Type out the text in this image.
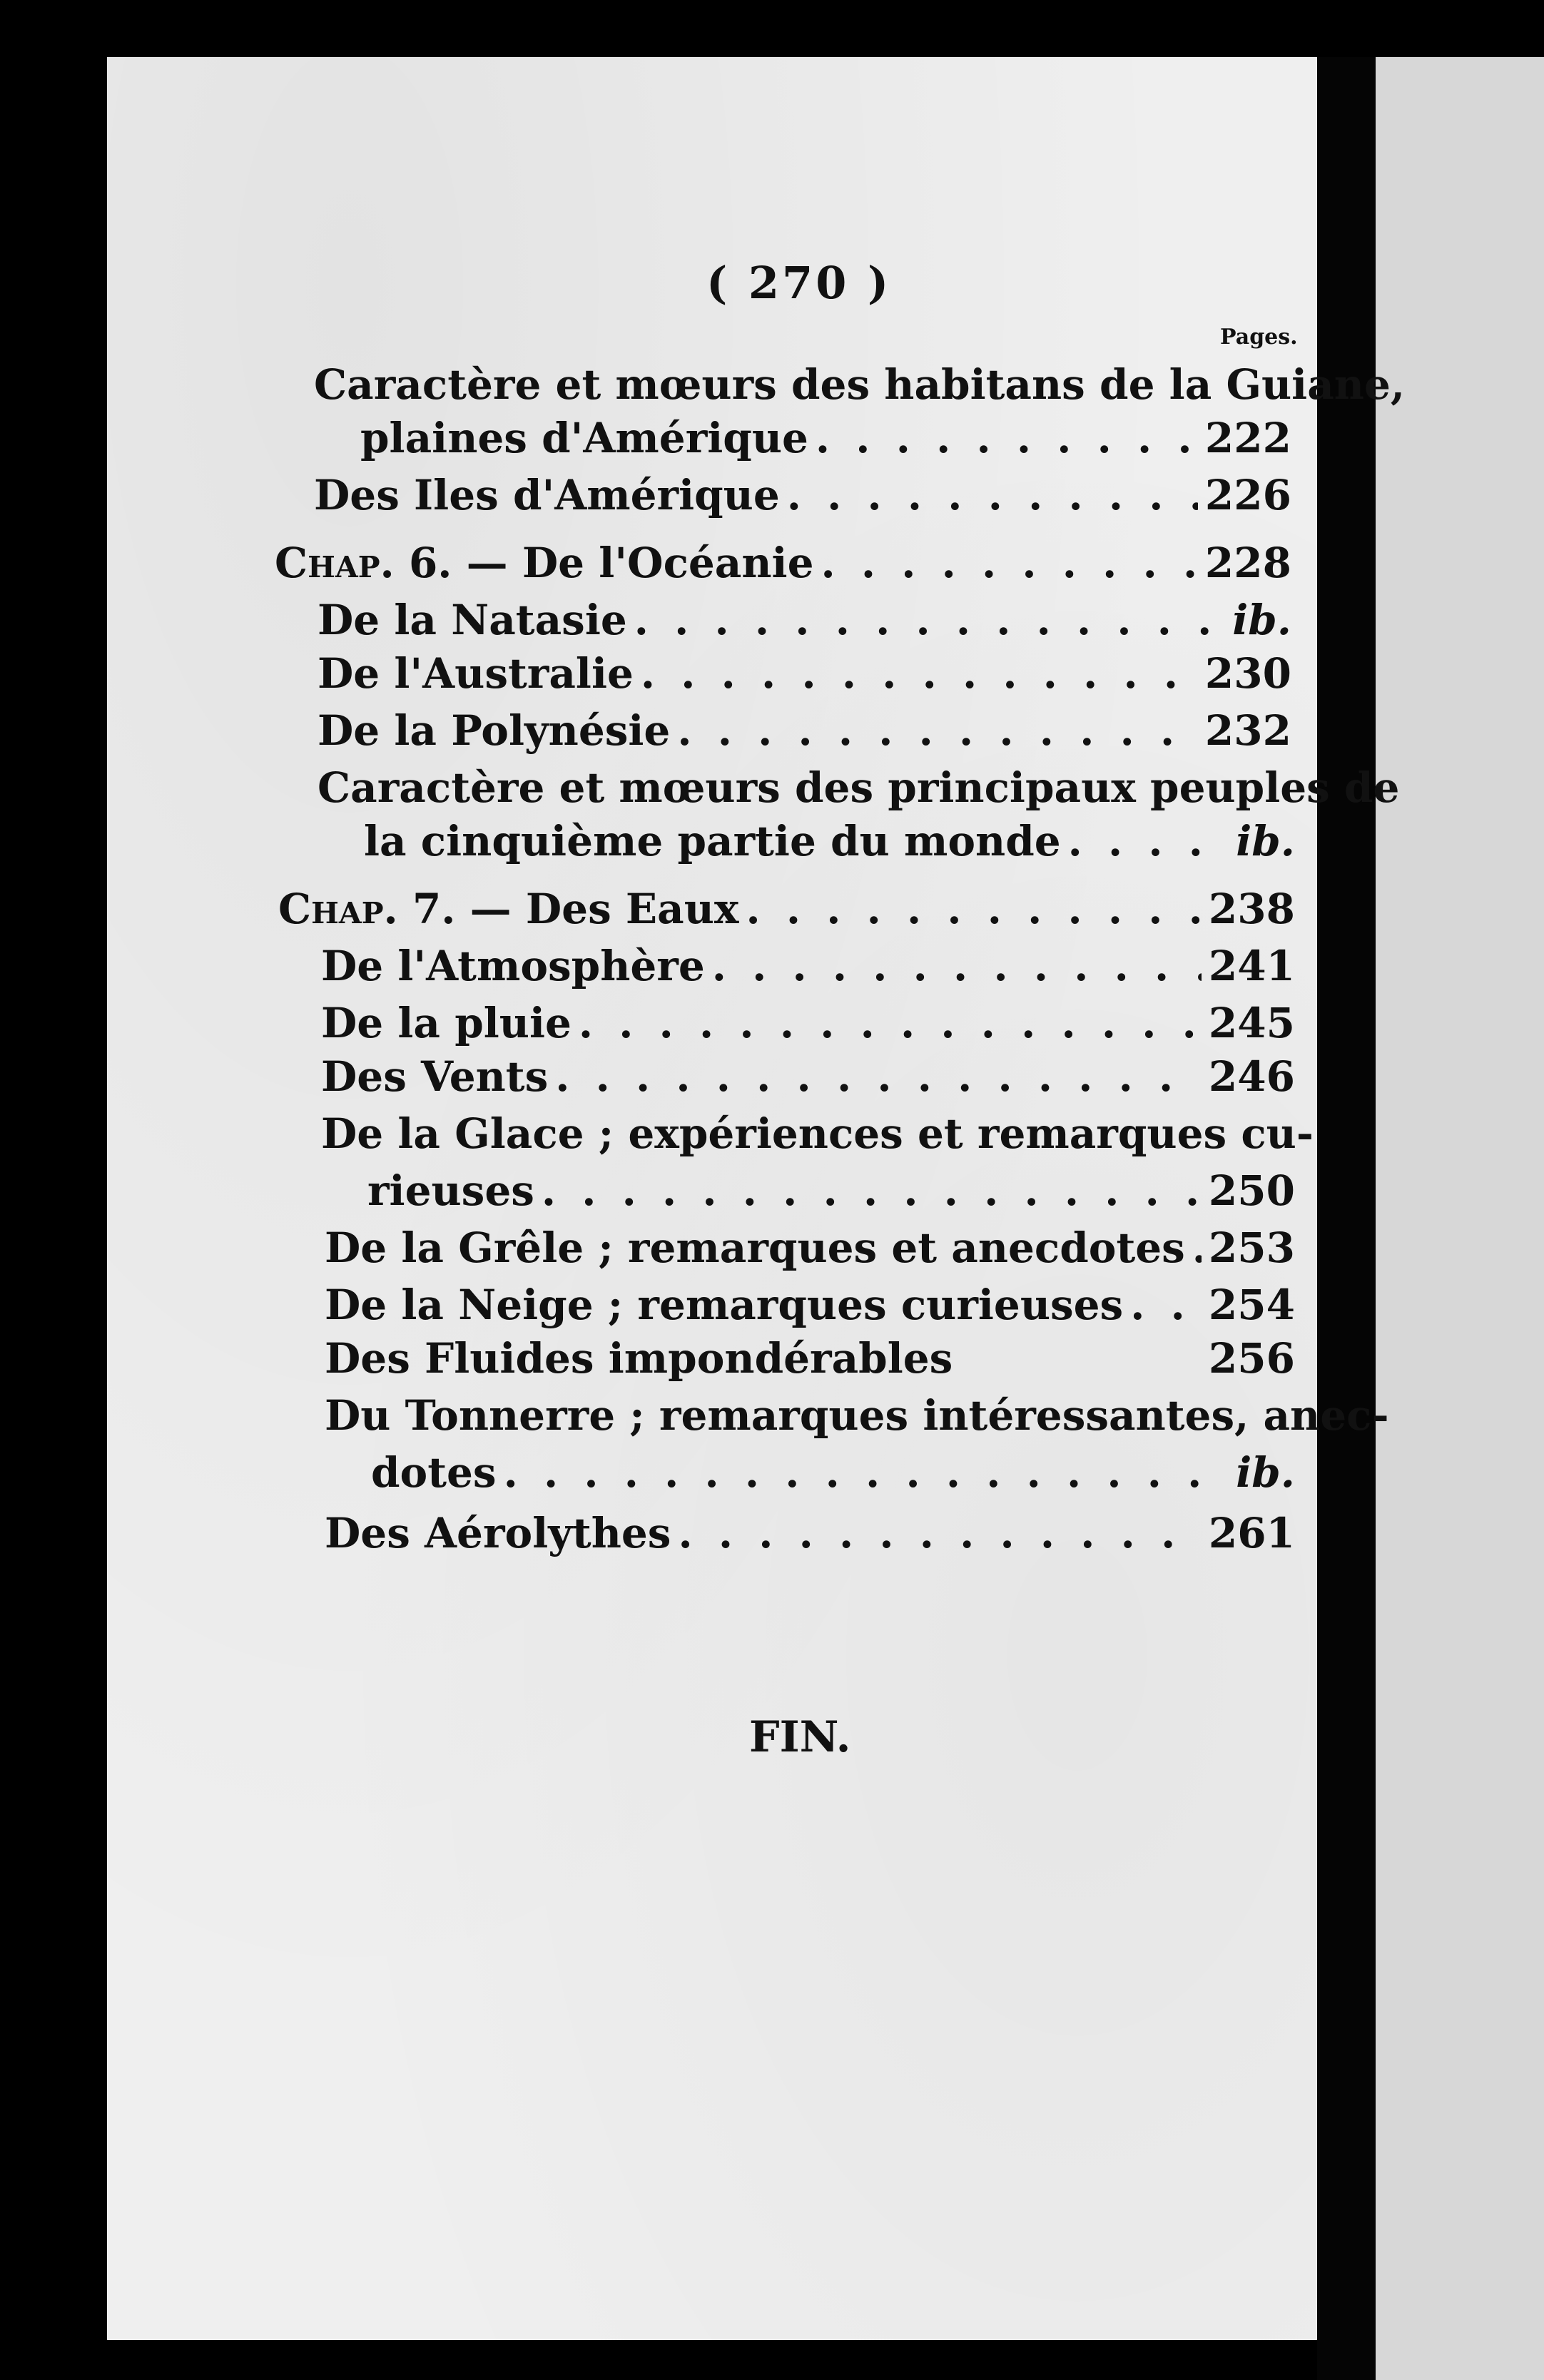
( 270 )
Pages.
Caractère et mœurs des habitans de la Guiane,
plaines d'Amérique . . .	222
Des Iles d'Amérique . . .	226
Chap. 6. — De l'Océanie . . .	228
De la Natasie . . .	ib.
De l'Australie . . .	230
De la Polynésie . . .	232
Caractère et mœurs des principaux peuples de
la cinquième partie du monde . . .	ib.
Chap. 7. — Des Eaux . . .	238
De l'Atmosphère . . .	241
De la pluie . . .	245
Des Vents . . .	246
De la Glace ; expériences et remarques cu-
rieuses . . .	250
De la Grêle ; remarques et anecdotes . . . 253
De la Neige ; remarques curieuses . . . 254
Des Fluides impondérables	256
Du Tonnerre ; remarques intéressantes, anec-
dotes . . .	ib.
Des Aérolythes . . .	261
FIN.
